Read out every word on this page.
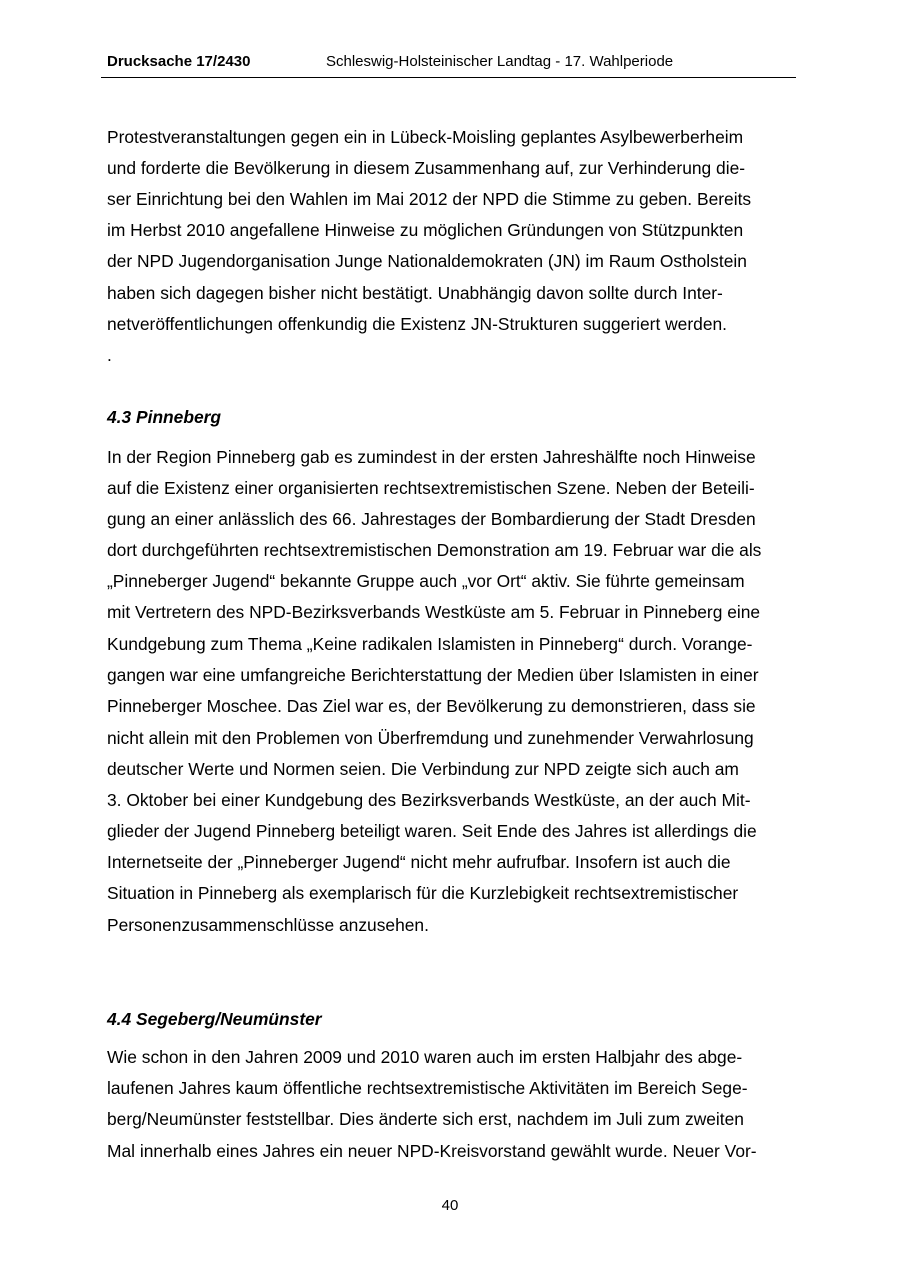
Drucksache 17/2430	Schleswig-Holsteinischer Landtag - 17. Wahlperiode
Protestveranstaltungen gegen ein in Lübeck-Moisling geplantes Asylbewerberheim
und forderte die Bevölkerung in diesem Zusammenhang auf, zur Verhinderung die-
ser Einrichtung bei den Wahlen im Mai 2012 der NPD die Stimme zu geben. Bereits
im Herbst 2010 angefallene Hinweise zu möglichen Gründungen von Stützpunkten
der NPD Jugendorganisation Junge Nationaldemokraten (JN) im Raum Ostholstein
haben sich dagegen bisher nicht bestätigt. Unabhängig davon sollte durch Inter-
netveröffentlichungen offenkundig die Existenz JN-Strukturen suggeriert werden.
.
4.3 Pinneberg
In der Region Pinneberg gab es zumindest in der ersten Jahreshälfte noch Hinweise
auf die Existenz einer organisierten rechtsextremistischen Szene. Neben der Beteili-
gung an einer anlässlich des 66. Jahrestages der Bombardierung der Stadt Dresden
dort durchgeführten rechtsextremistischen Demonstration am 19. Februar war die als
„Pinneberger Jugend“ bekannte Gruppe auch „vor Ort“ aktiv. Sie führte gemeinsam
mit Vertretern des NPD-Bezirksverbands Westküste am 5. Februar in Pinneberg eine
Kundgebung zum Thema „Keine radikalen Islamisten in Pinneberg“ durch. Vorange-
gangen war eine umfangreiche Berichterstattung der Medien über Islamisten in einer
Pinneberger Moschee. Das Ziel war es, der Bevölkerung zu demonstrieren, dass sie
nicht allein mit den Problemen von Überfremdung und zunehmender Verwahrlosung
deutscher Werte und Normen seien. Die Verbindung zur NPD zeigte sich auch am
3. Oktober bei einer Kundgebung des Bezirksverbands Westküste, an der auch Mit-
glieder der Jugend Pinneberg beteiligt waren. Seit Ende des Jahres ist allerdings die
Internetseite der „Pinneberger Jugend“ nicht mehr aufrufbar. Insofern ist auch die
Situation in Pinneberg als exemplarisch für die Kurzlebigkeit rechtsextremistischer
Personenzusammenschlüsse anzusehen.
4.4 Segeberg/Neumünster
Wie schon in den Jahren 2009 und 2010 waren auch im ersten Halbjahr des abge-
laufenen Jahres kaum öffentliche rechtsextremistische Aktivitäten im Bereich Sege-
berg/Neumünster feststellbar. Dies änderte sich erst, nachdem im Juli zum zweiten
Mal innerhalb eines Jahres ein neuer NPD-Kreisvorstand gewählt wurde. Neuer Vor-
40
